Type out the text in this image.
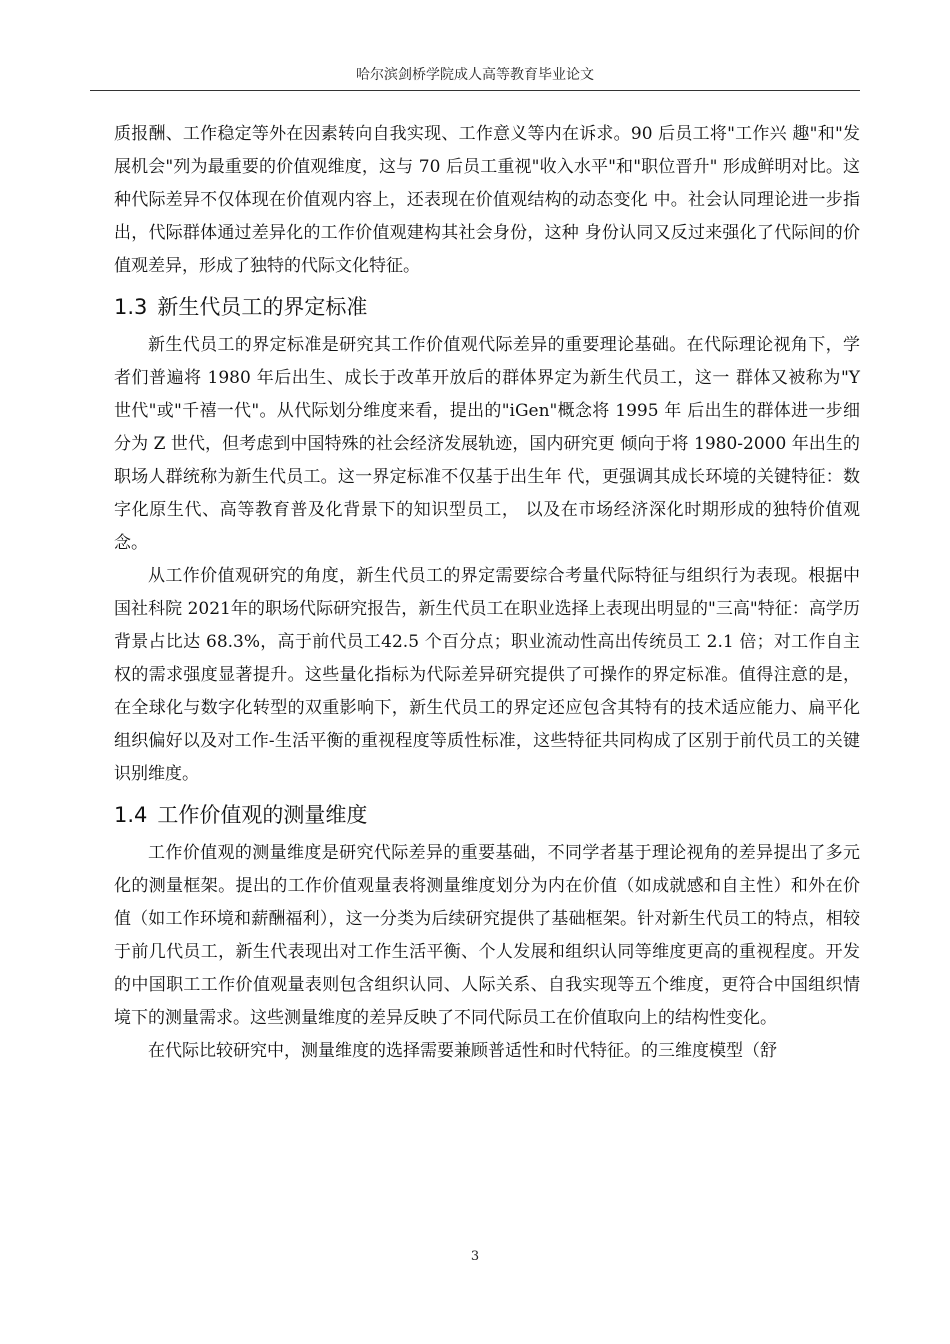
哈尔滨剑桥学院成人高等教育毕业论文

质报酬、工作稳定等外在因素转向自我实现、工作意义等内在诉求。90 后员工将"工作兴 趣"和"发展机会"列为最重要的价值观维度，这与 70 后员工重视"收入水平"和"职位晋升" 形成鲜明对比。这种代际差异不仅体现在价值观内容上，还表现在价值观结构的动态变化 中。社会认同理论进一步指出，代际群体通过差异化的工作价值观建构其社会身份，这种 身份认同又反过来强化了代际间的价值观差异，形成了独特的代际文化特征。

1.3 新生代员工的界定标准

新生代员工的界定标准是研究其工作价值观代际差异的重要理论基础。在代际理论视角下，学者们普遍将 1980 年后出生、成长于改革开放后的群体界定为新生代员工，这一 群体又被称为"Y 世代"或"千禧一代"。从代际划分维度来看，提出的"iGen"概念将 1995 年 后出生的群体进一步细分为 Z 世代，但考虑到中国特殊的社会经济发展轨迹，国内研究更 倾向于将 1980-2000 年出生的职场人群统称为新生代员工。这一界定标准不仅基于出生年 代，更强调其成长环境的关键特征：数字化原生代、高等教育普及化背景下的知识型员工， 以及在市场经济深化时期形成的独特价值观念。

从工作价值观研究的角度，新生代员工的界定需要综合考量代际特征与组织行为表现。根据中国社科院 2021年的职场代际研究报告，新生代员工在职业选择上表现出明显的"三高"特征：高学历背景占比达 68.3%，高于前代员工42.5 个百分点；职业流动性高出传统员工 2.1 倍；对工作自主权的需求强度显著提升。这些量化指标为代际差异研究提供了可操作的界定标准。值得注意的是，在全球化与数字化转型的双重影响下，新生代员工的界定还应包含其特有的技术适应能力、扁平化组织偏好以及对工作-生活平衡的重视程度等质性标准，这些特征共同构成了区别于前代员工的关键识别维度。

1.4 工作价值观的测量维度

工作价值观的测量维度是研究代际差异的重要基础，不同学者基于理论视角的差异提出了多元化的测量框架。提出的工作价值观量表将测量维度划分为内在价值（如成就感和自主性）和外在价值（如工作环境和薪酬福利），这一分类为后续研究提供了基础框架。针对新生代员工的特点，相较于前几代员工，新生代表现出对工作生活平衡、个人发展和组织认同等维度更高的重视程度。开发的中国职工工作价值观量表则包含组织认同、人际关系、自我实现等五个维度，更符合中国组织情境下的测量需求。这些测量维度的差异反映了不同代际员工在价值取向上的结构性变化。

在代际比较研究中，测量维度的选择需要兼顾普适性和时代特征。的三维度模型（舒

3
